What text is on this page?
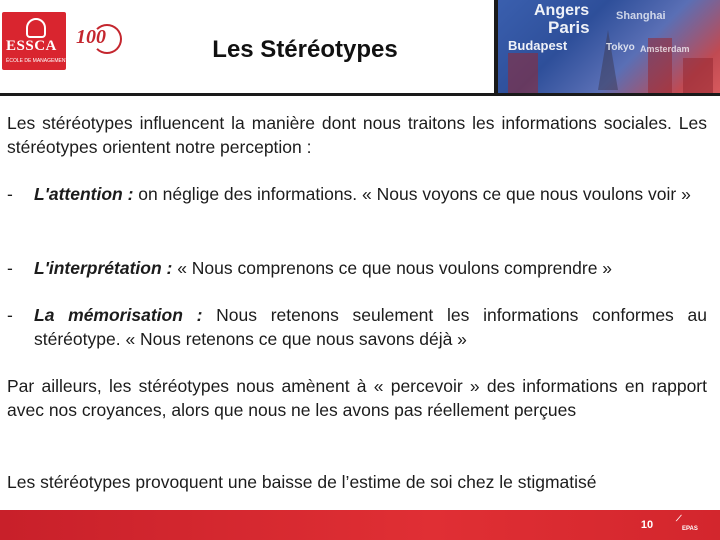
ESSCA
ÉCOLE DE MANAGEMENT
100	Les Stéréotypes
Angers Shanghai
Paris
Budapest	Tokyo Amsterdam
Les stéréotypes influencent la manière dont nous traitons les informations sociales. Les stéréotypes orientent notre perception :
- L'attention : on néglige des informations. « Nous voyons ce que nous voulons voir »
- L'interprétation : « Nous comprenons ce que nous voulons comprendre »
- La mémorisation : Nous retenons seulement les informations conformes au stéréotype. « Nous retenons ce que nous savons déjà »
Par ailleurs, les stéréotypes nous amènent à « percevoir » des informations en rapport avec nos croyances, alors que nous ne les avons pas réellement perçues
Les stéréotypes provoquent une baisse de l’estime de soi chez le stigmatisé
10
⟋
EPAS
